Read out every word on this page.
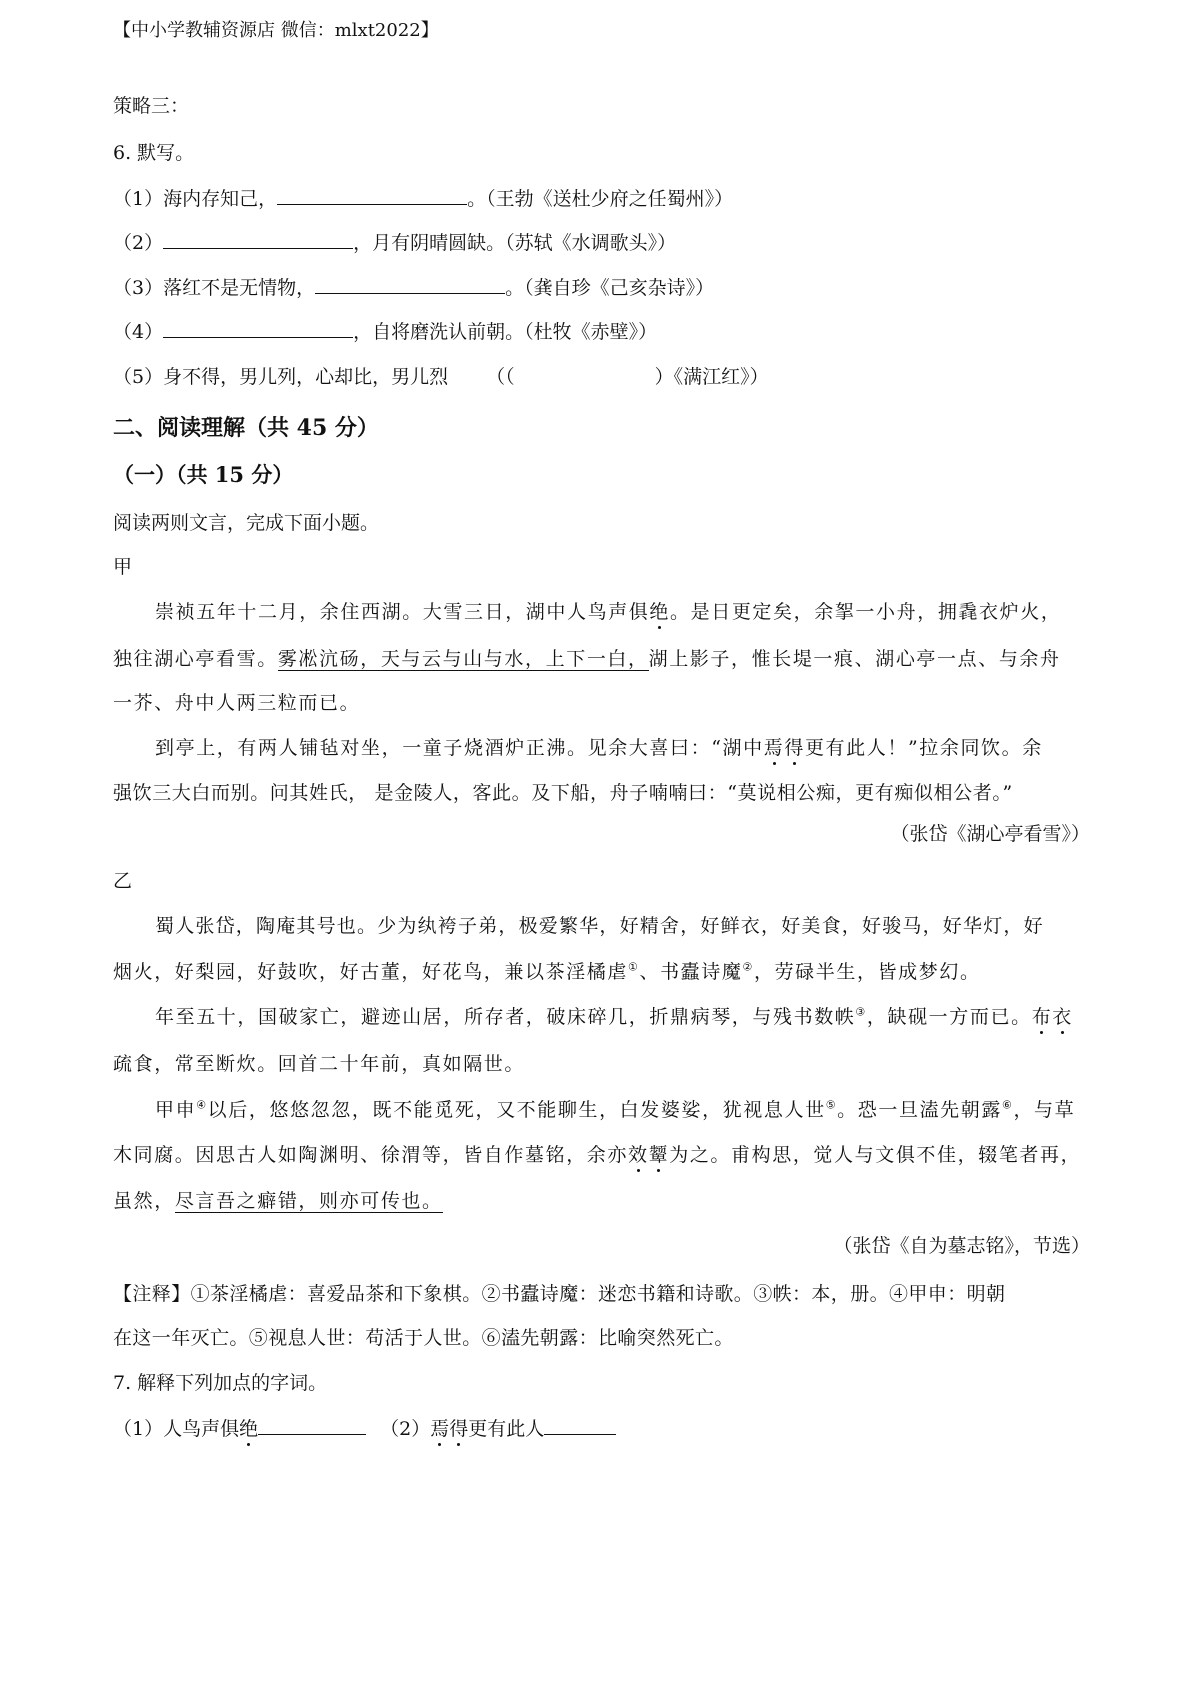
【中小学教辅资源店 微信：mlxt2022】
策略三：
6. 默写。
（1）海内存知己，	。（王勃《送杜少府之任蜀州》）
（2）	，月有阴晴圆缺。（苏轼《水调歌头》）
（3）落红不是无情物，	。（龚自珍《己亥杂诗》）
（4）	，自将磨洗认前朝。（杜牧《赤壁》）
（5）身不得，男儿列，心却比，男儿烈 （（	）《满江红》）
二、阅读理解（共 45 分）
（一）（共 15 分）
阅读两则文言，完成下面小题。
甲
崇祯五年十二月，余住西湖。大雪三日，湖中人鸟声俱绝。是日更定矣，余挐一小舟，拥毳衣炉火，
独往湖心亭看雪。雾凇沆砀，天与云与山与水，上下一白，湖上影子，惟长堤一痕、湖心亭一点、与余舟
一芥、舟中人两三粒而已。
到亭上，有两人铺毡对坐，一童子烧酒炉正沸。见余大喜曰：“湖中焉得更有此人！”拉余同饮。余
强饮三大白而别。问其姓氏， 是金陵人，客此。及下船，舟子喃喃曰：“莫说相公痴，更有痴似相公者。”
（张岱《湖心亭看雪》）
乙
蜀人张岱，陶庵其号也。少为纨袴子弟，极爱繁华，好精舍，好鲜衣，好美食，好骏马，好华灯，好
烟火，好梨园，好鼓吹，好古董，好花鸟，兼以茶淫橘虐①、书蠹诗魔②，劳碌半生，皆成梦幻。
年至五十，国破家亡，避迹山居，所存者，破床碎几，折鼎病琴，与残书数帙③，缺砚一方而已。布衣
疏食，常至断炊。回首二十年前，真如隔世。
甲申④以后，悠悠忽忽，既不能觅死，又不能聊生，白发婆娑，犹视息人世⑤。恐一旦溘先朝露⑥，与草
木同腐。因思古人如陶渊明、徐渭等，皆自作墓铭，余亦效颦为之。甫构思，觉人与文俱不佳，辍笔者再，
虽然，尽言吾之癖错，则亦可传也。
（张岱《自为墓志铭》，节选）
【注释】①茶淫橘虐：喜爱品茶和下象棋。②书蠹诗魔：迷恋书籍和诗歌。③帙：本，册。④甲申：明朝
在这一年灭亡。⑤视息人世：苟活于人世。⑥溘先朝露：比喻突然死亡。
7. 解释下列加点的字词。
（1）人鸟声俱绝	（2）焉得更有此人
